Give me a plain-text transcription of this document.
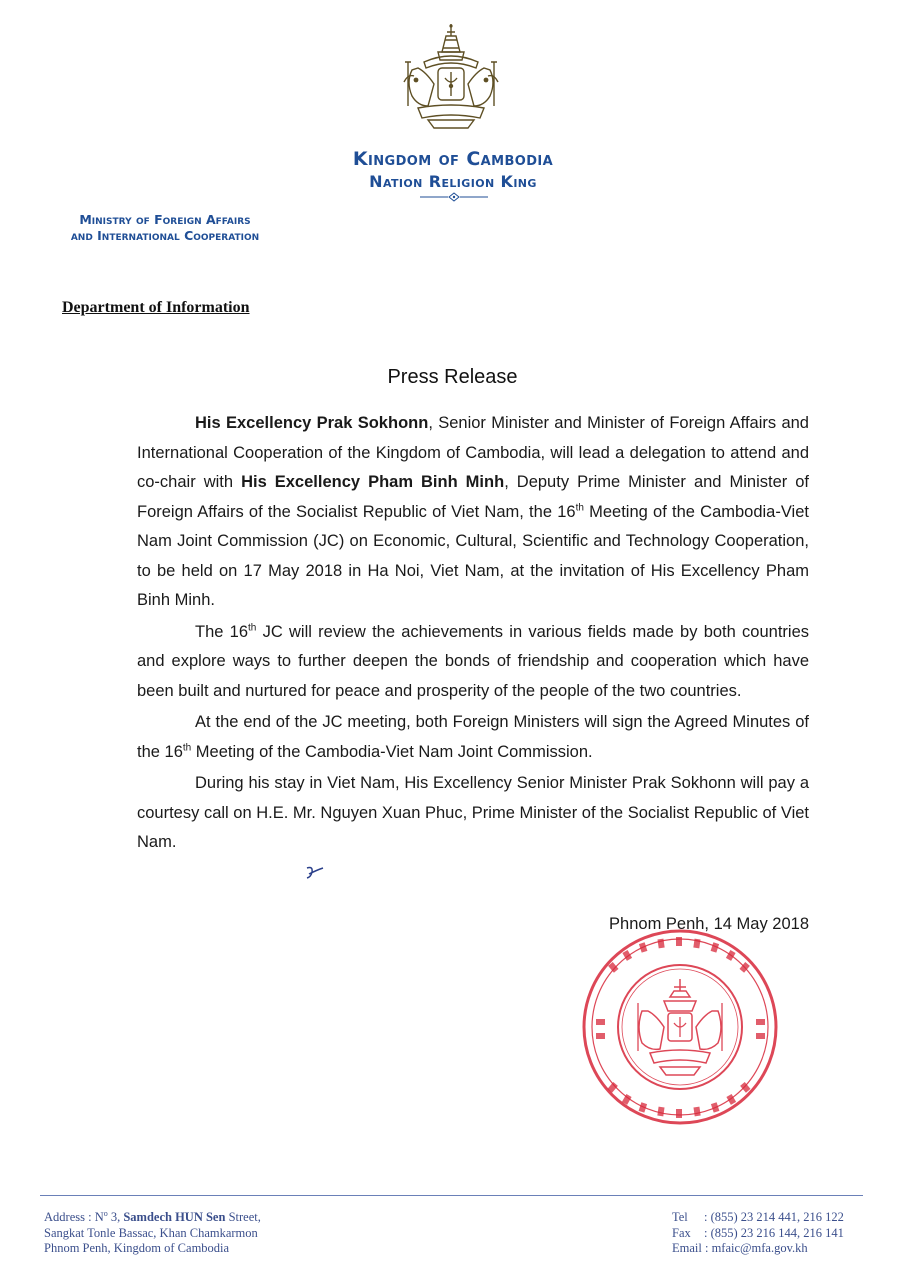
Kingdom of Cambodia
Nation Religion King
Ministry of Foreign Affairs
and International Cooperation
Department of Information
Press Release

His Excellency Prak Sokhonn, Senior Minister and Minister of Foreign Affairs and International Cooperation of the Kingdom of Cambodia, will lead a delegation to attend and co-chair with His Excellency Pham Binh Minh, Deputy Prime Minister and Minister of Foreign Affairs of the Socialist Republic of Viet Nam, the 16th Meeting of the Cambodia-Viet Nam Joint Commission (JC) on Economic, Cultural, Scientific and Technology Cooperation, to be held on 17 May 2018 in Ha Noi, Viet Nam, at the invitation of His Excellency Pham Binh Minh.

The 16th JC will review the achievements in various fields made by both countries and explore ways to further deepen the bonds of friendship and cooperation which have been built and nurtured for peace and prosperity of the people of the two countries.

At the end of the JC meeting, both Foreign Ministers will sign the Agreed Minutes of the 16th Meeting of the Cambodia-Viet Nam Joint Commission.

During his stay in Viet Nam, His Excellency Senior Minister Prak Sokhonn will pay a courtesy call on H.E. Mr. Nguyen Xuan Phuc, Prime Minister of the Socialist Republic of Viet Nam.

Phnom Penh, 14 May 2018
Address : $N^o$ 3, Samdech HUN Sen Street,
Sangkat Tonle Bassac, Khan Chamkarmon
Phnom Penh, Kingdom of Cambodia
Tel : (855) 23 214 441, 216 122
Fax : (855) 23 216 144, 216 141
Email : mfaic@mfa.gov.kh
